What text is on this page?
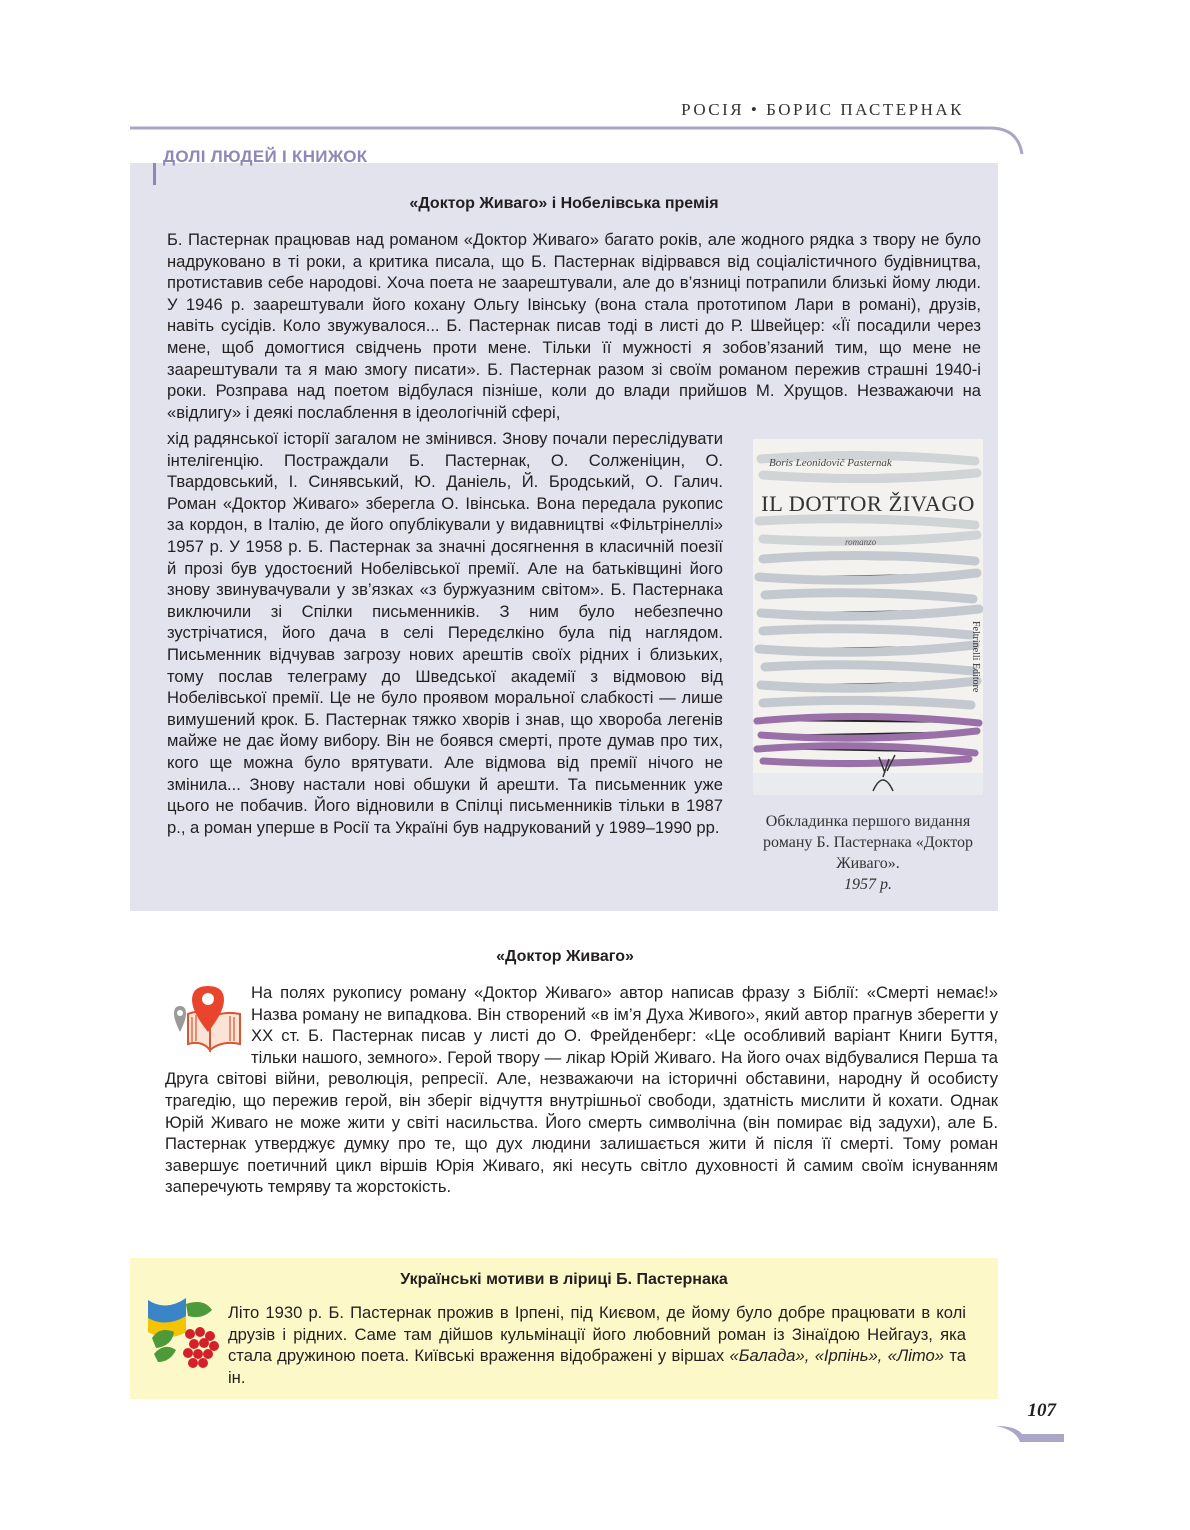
РОСІЯ • БОРИС ПАСТЕРНАК
«Доктор Живаго» і Нобелівська премія
Б. Пастернак працював над романом «Доктор Живаго» багато років, але жодного рядка з твору не було надруковано в ті роки, а критика писала, що Б. Пастернак відірвався від соціалістичного будівництва, протиставив себе народові. Хоча поета не заарештували, але до в’язниці потрапили близькі йому люди. У 1946 р. заарештували його кохану Ольгу Івінську (вона стала прототипом Лари в романі), друзів, навіть сусідів. Коло звужувалося... Б. Пастернак писав тоді в листі до Р. Швейцер: «Її посадили через мене, щоб домогтися свідчень проти мене. Тільки її мужності я зобов’язаний тим, що мене не заарештували та я маю змогу писати». Б. Пастернак разом зі своїм романом пережив страшні 1940-і роки. Розправа над поетом відбулася пізніше, коли до влади прийшов М. Хрущов. Незважаючи на «відлигу» і деякі послаблення в ідеологічній сфері,
хід радянської історії загалом не змінився. Знову почали переслідувати інтелігенцію. Постраждали Б. Пастернак, О. Солженіцин, О. Твардовський, І. Синявський, Ю. Даніель, Й. Бродський, О. Галич. Роман «Доктор Живаго» зберегла О. Івінська. Вона передала рукопис за кордон, в Італію, де його опублікували у видавництві «Фільтрінеллі» 1957 р. У 1958 р. Б. Пастернак за значні досягнення в класичній поезії й прозі був удостоєний Нобелівської премії. Але на батьківщині його знову звинувачували у зв’язках «з буржуазним світом». Б. Пастернака виключили зі Спілки письменників. З ним було небезпечно зустрічатися, його дача в селі Передєлкіно була під наглядом. Письменник відчував загрозу нових арештів своїх рідних і близьких, тому послав телеграму до Шведської академії з відмовою від Нобелівської премії. Це не було проявом моральної слабкості — лише вимушений крок. Б. Пастернак тяжко хворів і знав, що хвороба легенів майже не дає йому вибору. Він не боявся смерті, проте думав про тих, кого ще можна було врятувати. Але відмова від премії нічого не змінила... Знову настали нові обшуки й арешти. Та письменник уже цього не побачив. Його відновили в Спілці письменників тільки в 1987 р., а роман уперше в Росії та Україні був надрукований у 1989–1990 рр.
Boris Leonidovič Pasternak
IL DOTTOR ŽIVAGO
romanzo
Feltrinelli Editore
Обкладинка першого видання роману Б. Пастернака «Доктор Живаго».
1957 р.
ДОЛІ ЛЮДЕЙ І КНИЖОК
«Доктор Живаго»
На полях рукопису роману «Доктор Живаго» автор написав фразу з Біблії: «Смерті немає!» Назва роману не випадкова. Він створений «в ім’я Духа Живого», який автор прагнув зберегти у XX ст. Б. Пастернак писав у листі до О. Фрейденберг: «Це особливий варіант Книги Буття, тільки нашого, земного». Герой твору — лікар Юрій Живаго. На його очах відбувалися Перша та Друга світові війни, революція, репресії. Але, незважаючи на історичні обставини, народну й особисту трагедію, що пережив герой, він зберіг відчуття внутрішньої свободи, здатність мислити й кохати. Однак Юрій Живаго не може жити у світі насильства. Його смерть символічна (він помирає від задухи), але Б. Пастернак утверджує думку про те, що дух людини залишається жити й після її смерті. Тому роман завершує поетичний цикл віршів Юрія Живаго, які несуть світло духовності й самим своїм існуванням заперечують темряву та жорстокість.
Українські мотиви в ліриці Б. Пастернака
Літо 1930 р. Б. Пастернак прожив в Ірпені, під Києвом, де йому було добре працювати в колі друзів і рідних. Саме там дійшов кульмінації його любовний роман із Зінаїдою Нейгауз, яка стала дружиною поета. Київські враження відображені у віршах «Балада», «Ірпінь», «Літо» та ін.
107
